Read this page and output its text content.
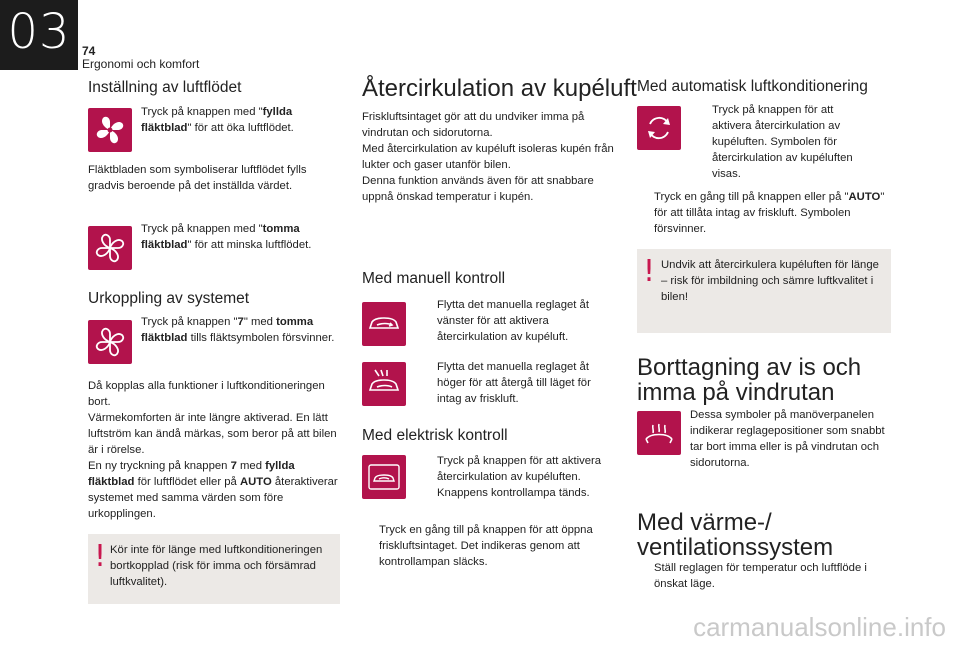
03 74
Ergonomi och komfort
Inställning av luftflödet
Tryck på knappen med "fyllda fläktblad" för att öka luftflödet.
Fläktbladen som symboliserar luftflödet fylls gradvis beroende på det inställda värdet.
Tryck på knappen med "tomma fläktblad" för att minska luftflödet.
Urkoppling av systemet
Tryck på knappen "7" med tomma fläktblad tills fläktsymbolen försvinner.
Då kopplas alla funktioner i luftkonditioneringen bort.
Värmekomforten är inte längre aktiverad. En lätt luftström kan ändå märkas, som beror på att bilen är i rörelse.
En ny tryckning på knappen 7 med fyllda fläktblad för luftflödet eller på AUTO återaktiverar systemet med samma värden som före urkopplingen.
! Kör inte för länge med luftkonditioneringen bortkopplad (risk för imma och försämrad luftkvalitet).
Återcirkulation av kupéluft
Friskluftsintaget gör att du undviker imma på vindrutan och sidorutorna.
Med återcirkulation av kupéluft isoleras kupén från lukter och gaser utanför bilen.
Denna funktion används även för att snabbare uppnå önskad temperatur i kupén.
Med manuell kontroll
Flytta det manuella reglaget åt vänster för att aktivera återcirkulation av kupéluft.
Flytta det manuella reglaget åt höger för att återgå till läget för intag av friskluft.
Med elektrisk kontroll
Tryck på knappen för att aktivera återcirkulation av kupéluften. Knappens kontrollampa tänds.
Tryck en gång till på knappen för att öppna friskluftsintaget. Det indikeras genom att kontrollampan släcks.
Med automatisk luftkonditionering
Tryck på knappen för att aktivera återcirkulation av kupéluften. Symbolen för återcirkulation av kupéluften visas.
Tryck en gång till på knappen eller på "AUTO" för att tillåta intag av friskluft. Symbolen försvinner.
! Undvik att återcirkulera kupéluften för länge – risk för imbildning och sämre luftkvalitet i bilen!
Borttagning av is och imma på vindrutan
Dessa symboler på manöverpanelen indikerar reglagepositioner som snabbt tar bort imma eller is på vindrutan och sidorutorna.
Med värme-/ ventilationssystem
Ställ reglagen för temperatur och luftflöde i önskat läge.
carmanualsonline.info
